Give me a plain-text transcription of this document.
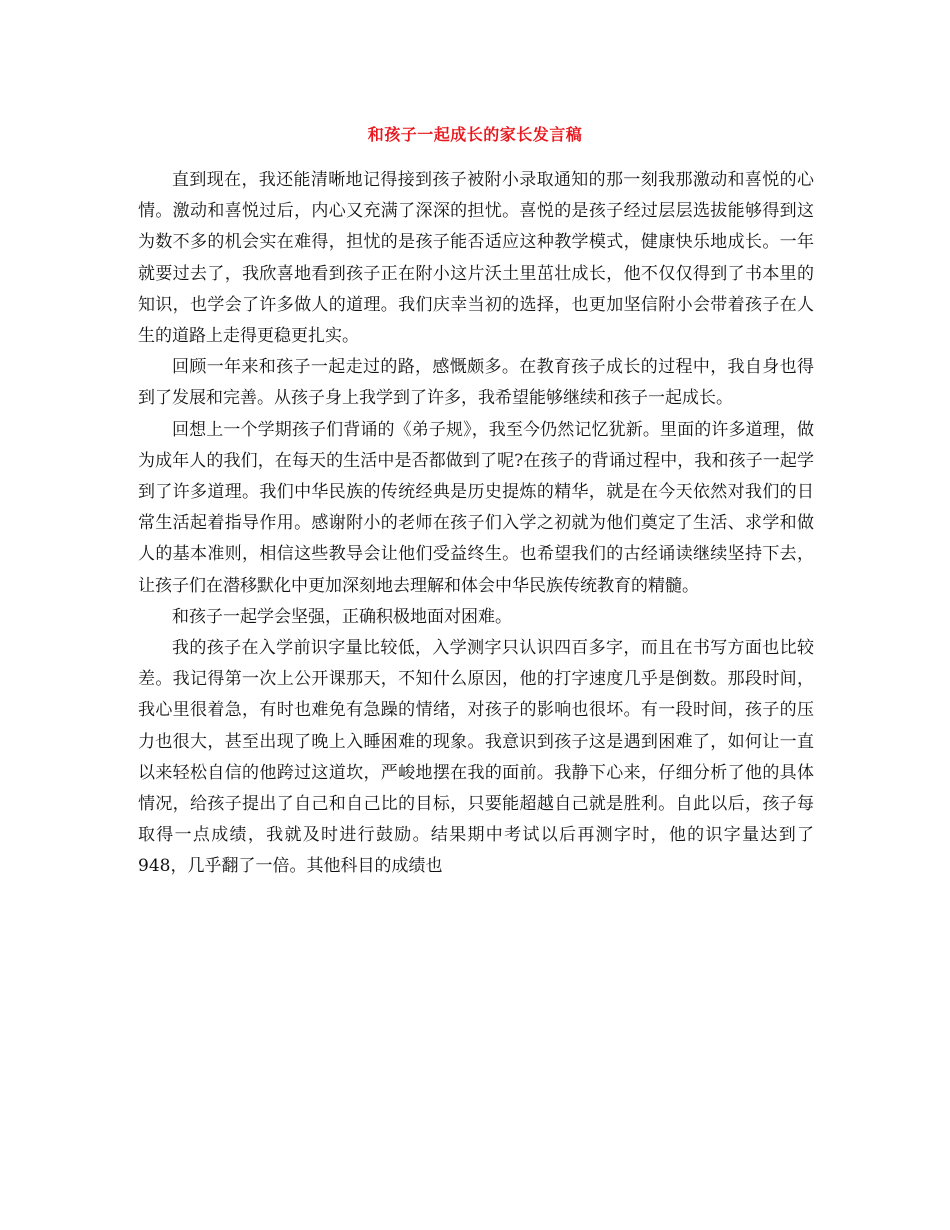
和孩子一起成长的家长发言稿

直到现在，我还能清晰地记得接到孩子被附小录取通知的那一刻我那激动和喜悦的心情。激动和喜悦过后，内心又充满了深深的担忧。喜悦的是孩子经过层层选拔能够得到这为数不多的机会实在难得，担忧的是孩子能否适应这种教学模式，健康快乐地成长。一年就要过去了，我欣喜地看到孩子正在附小这片沃土里茁壮成长，他不仅仅得到了书本里的知识，也学会了许多做人的道理。我们庆幸当初的选择，也更加坚信附小会带着孩子在人生的道路上走得更稳更扎实。

回顾一年来和孩子一起走过的路，感慨颇多。在教育孩子成长的过程中，我自身也得到了发展和完善。从孩子身上我学到了许多，我希望能够继续和孩子一起成长。

回想上一个学期孩子们背诵的《弟子规》，我至今仍然记忆犹新。里面的许多道理，做为成年人的我们，在每天的生活中是否都做到了呢?在孩子的背诵过程中，我和孩子一起学到了许多道理。我们中华民族的传统经典是历史提炼的精华，就是在今天依然对我们的日常生活起着指导作用。感谢附小的老师在孩子们入学之初就为他们奠定了生活、求学和做人的基本准则，相信这些教导会让他们受益终生。也希望我们的古经诵读继续坚持下去，让孩子们在潜移默化中更加深刻地去理解和体会中华民族传统教育的精髓。

和孩子一起学会坚强，正确积极地面对困难。

我的孩子在入学前识字量比较低，入学测字只认识四百多字，而且在书写方面也比较差。我记得第一次上公开课那天，不知什么原因，他的打字速度几乎是倒数。那段时间，我心里很着急，有时也难免有急躁的情绪，对孩子的影响也很坏。有一段时间，孩子的压力也很大，甚至出现了晚上入睡困难的现象。我意识到孩子这是遇到困难了，如何让一直以来轻松自信的他跨过这道坎，严峻地摆在我的面前。我静下心来，仔细分析了他的具体情况，给孩子提出了自己和自己比的目标，只要能超越自己就是胜利。自此以后，孩子每取得一点成绩，我就及时进行鼓励。结果期中考试以后再测字时，他的识字量达到了 948，几乎翻了一倍。其他科目的成绩也
